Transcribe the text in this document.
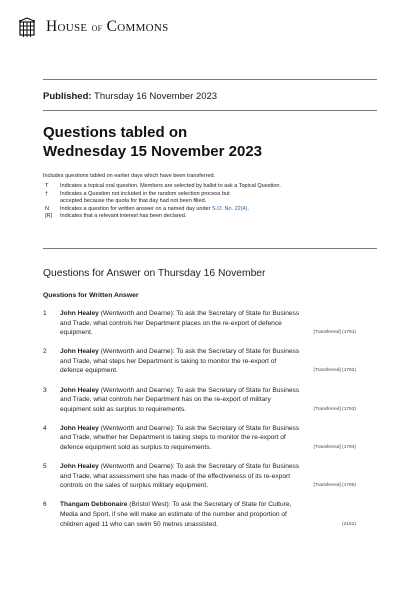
House of Commons
Published: Thursday 16 November 2023
Questions tabled on
Wednesday 15 November 2023
Includes questions tabled on earlier days which have been transferred.
T	Indicates a topical oral question. Members are selected by ballot to ask a Topical Question.
†	Indicates a Question not included in the random selection process but
accepted because the quota for that day had not been filled.
N	Indicates a question for written answer on a named day under S.O. No. 22(4).
[R]	Indicates that a relevant interest has been declared.
Questions for Answer on Thursday 16 November
Questions for Written Answer
1 John Healey (Wentworth and Dearne): To ask the Secretary of State for Business
and Trade, what controls her Department places on the re-export of defence
equipment.	[Transferred] (1791)
2 John Healey (Wentworth and Dearne): To ask the Secretary of State for Business
and Trade, what steps her Department is taking to monitor the re-export of
defence equipment.	[Transferred] (1792)
3 John Healey (Wentworth and Dearne): To ask the Secretary of State for Business
and Trade, what controls her Department has on the re-export of military
equipment sold as surplus to requirements.	[Transferred] (1793)
4 John Healey (Wentworth and Dearne): To ask the Secretary of State for Business
and Trade, whether her Department is taking steps to monitor the re-export of
defence equipment sold as surplus to requirements.	[Transferred] (1794)
5 John Healey (Wentworth and Dearne): To ask the Secretary of State for Business
and Trade, what assessment she has made of the effectiveness of its re-export
controls on the sales of surplus military equipment.	[Transferred] (1795)
6 Thangam Debbonaire (Bristol West): To ask the Secretary of State for Culture,
Media and Sport, if she will make an estimate of the number and proportion of
children aged 11 who can swim 50 metres unassisted.	(2162)
